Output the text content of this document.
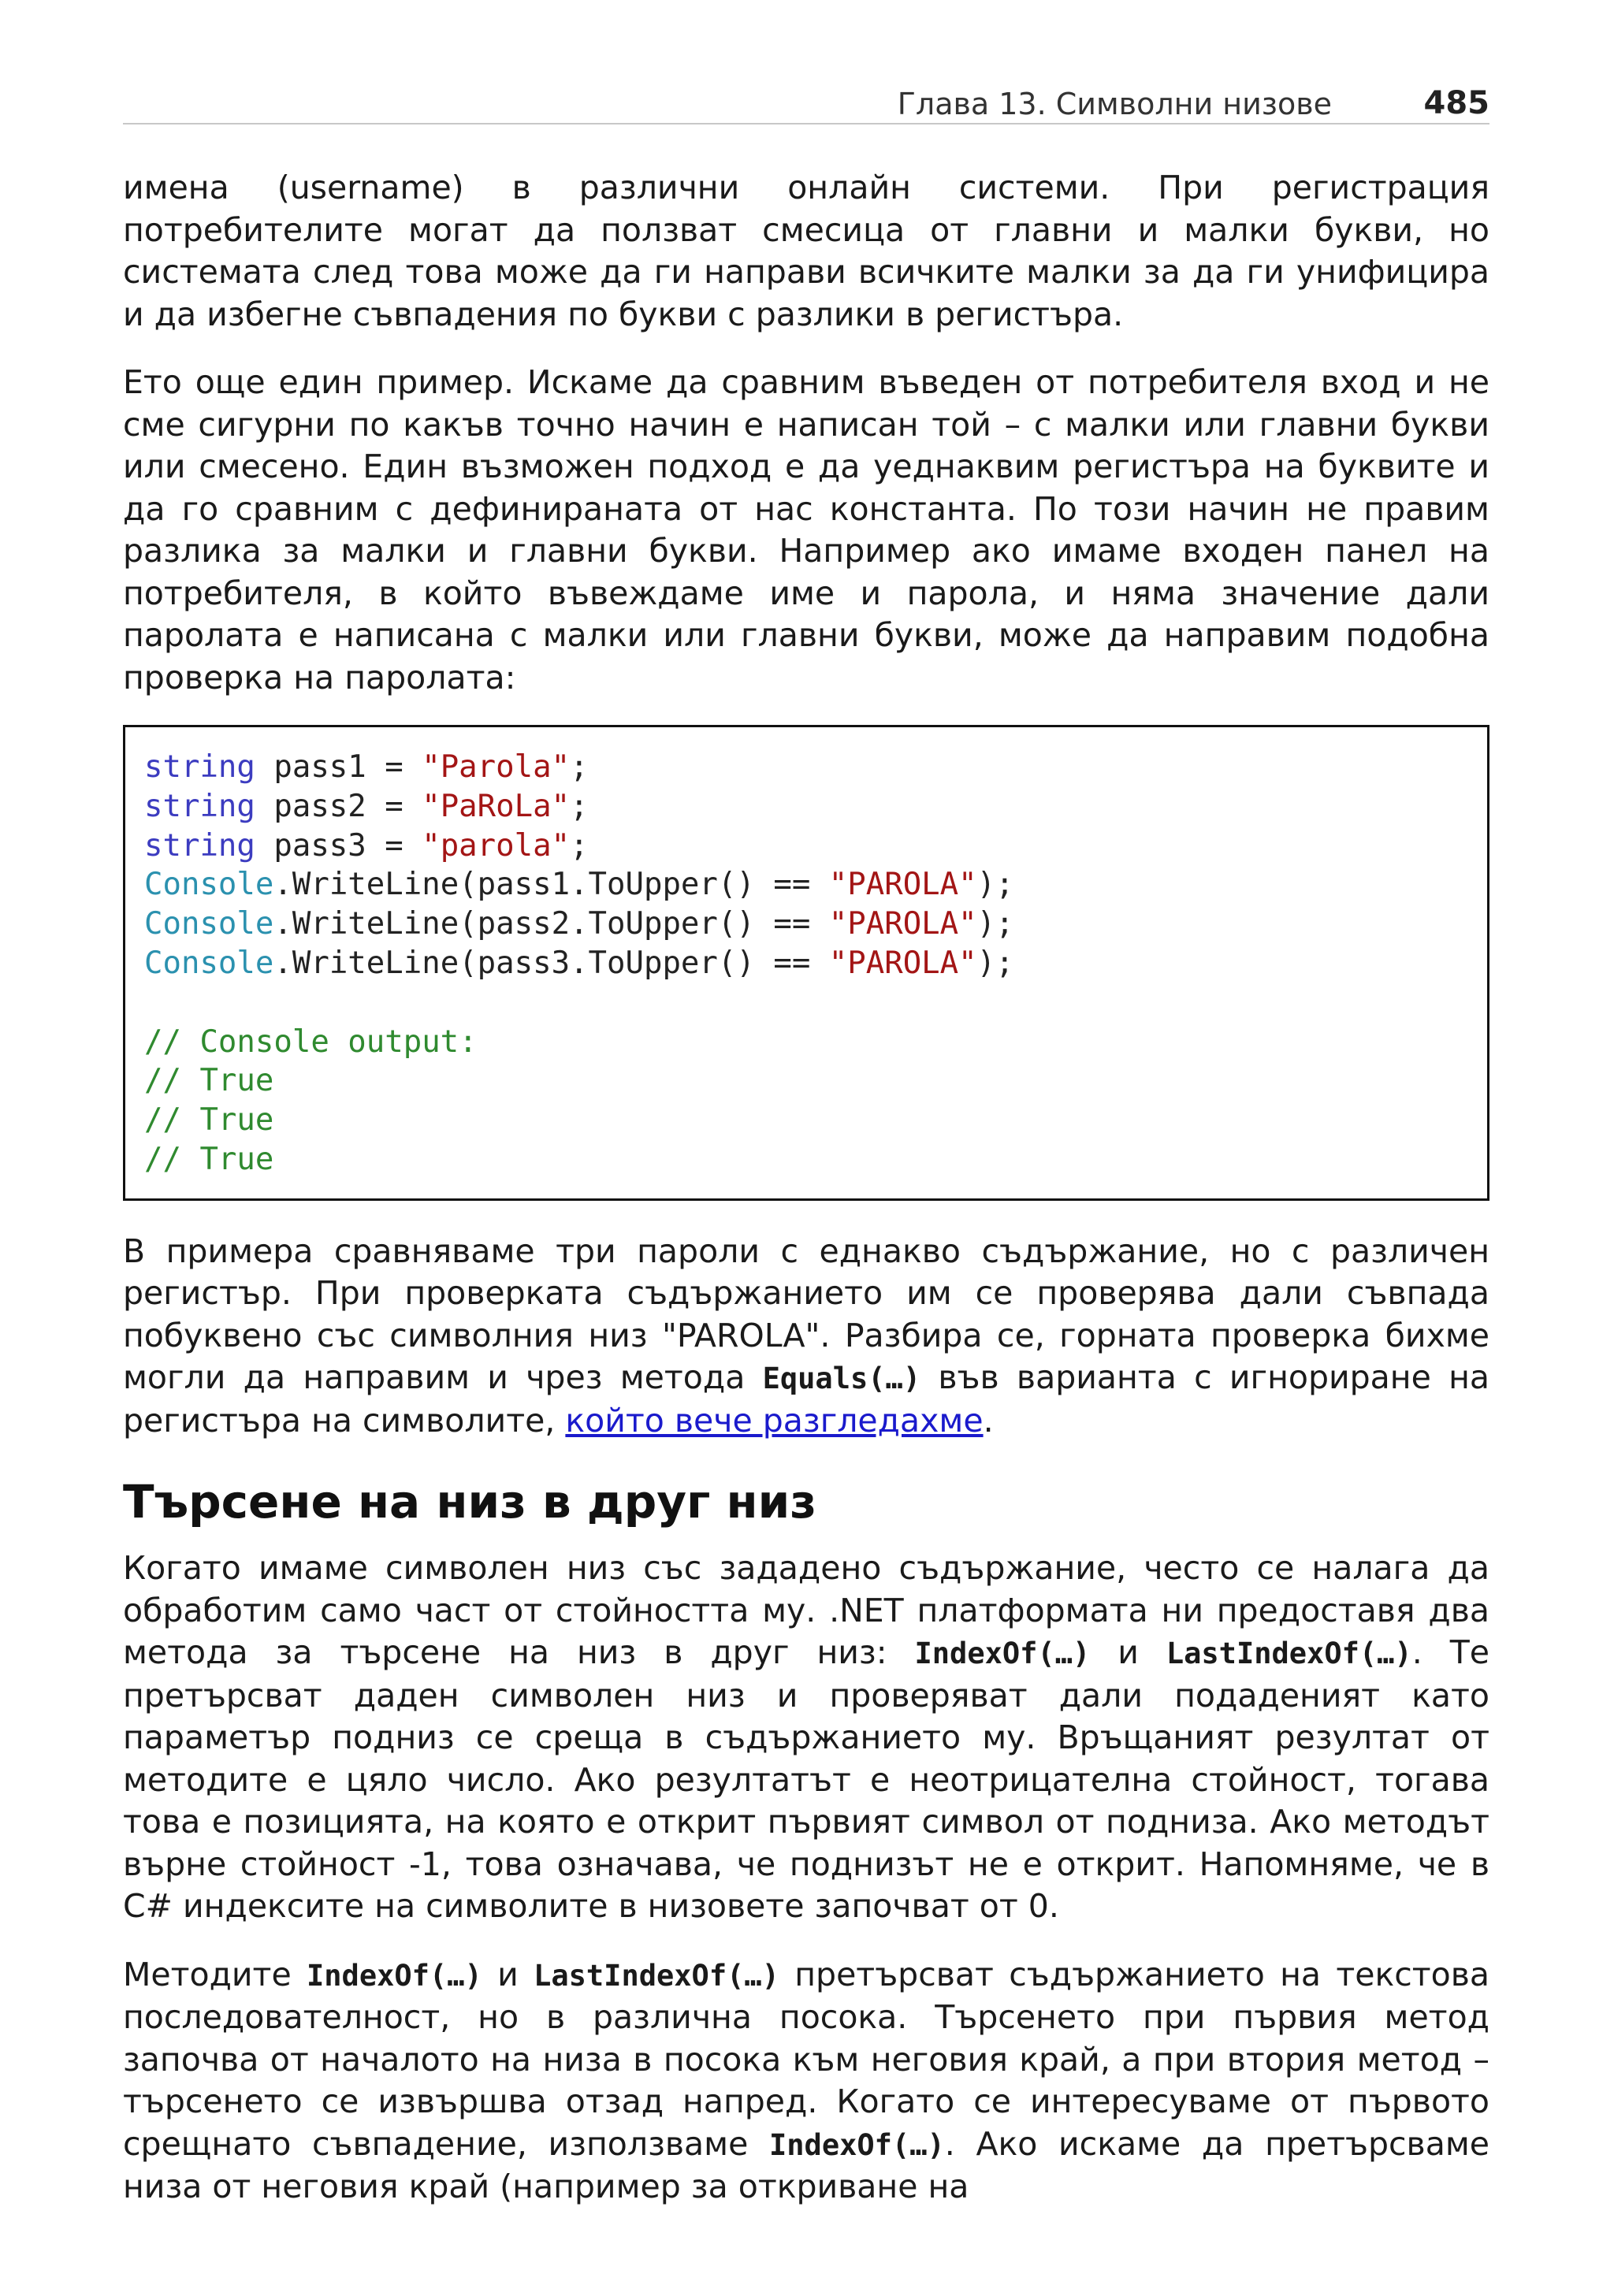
Глава 13. Символни низове	485

имена (username) в различни онлайн системи. При регистрация потребителите могат да ползват смесица от главни и малки букви, но системата след това може да ги направи всичките малки за да ги унифицира и да избегне съвпадения по букви с разлики в регистъра.

Ето още един пример. Искаме да сравним въведен от потребителя вход и не сме сигурни по какъв точно начин е написан той – с малки или главни букви или смесено. Един възможен подход е да уеднаквим регистъра на буквите и да го сравним с дефинираната от нас константа. По този начин не правим разлика за малки и главни букви. Например ако имаме входен панел на потребителя, в който въвеждаме име и парола, и няма значение дали паролата е написана с малки или главни букви, може да направим подобна проверка на паролата:

string pass1 = "Parola";
string pass2 = "PaRoLa";
string pass3 = "parola";
Console.WriteLine(pass1.ToUpper() == "PAROLA");
Console.WriteLine(pass2.ToUpper() == "PAROLA");
Console.WriteLine(pass3.ToUpper() == "PAROLA");
// Console output:
// True
// True
// True

В примера сравняваме три пароли с еднакво съдържание, но с различен регистър. При проверката съдържанието им се проверява дали съвпада побуквено със символния низ "PAROLA". Разбира се, горната проверка бихме могли да направим и чрез метода Equals(…) във варианта с игнориране на регистъра на символите, който вече разгледахме.

Търсене на низ в друг низ

Когато имаме символен низ със зададено съдържание, често се налага да обработим само част от стойността му. .NET платформата ни предоставя два метода за търсене на низ в друг низ: IndexOf(…) и LastIndexOf(…). Те претърсват даден символен низ и проверяват дали подаденият като параметър подниз се среща в съдържанието му. Връщаният резултат от методите е цяло число. Ако резултатът е неотрицателна стойност, тогава това е позицията, на която е открит първият символ от подниза. Ако методът върне стойност -1, това означава, че поднизът не е открит. Напомняме, че в C# индексите на символите в низовете започват от 0.

Методите IndexOf(…) и LastIndexOf(…) претърсват съдържанието на текстова последователност, но в различна посока. Търсенето при първия метод започва от началото на низа в посока към неговия край, а при втория метод – търсенето се извършва отзад напред. Когато се интересуваме от първото срещнато съвпадение, използваме IndexOf(…). Ако искаме да претърсваме низа от неговия край (например за откриване на
